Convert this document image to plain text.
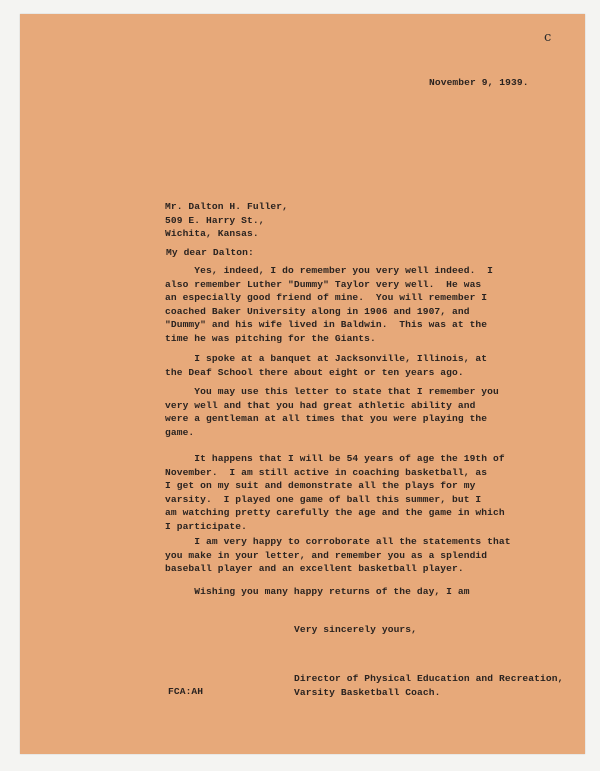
c
November 9, 1939.
Mr. Dalton H. Fuller,
509 E. Harry St.,
Wichita, Kansas.
My dear Dalton:
Yes, indeed, I do remember you very well indeed.  I
also remember Luther "Dummy" Taylor very well.  He was
an especially good friend of mine.  You will remember I
coached Baker University along in 1906 and 1907, and
"Dummy" and his wife lived in Baldwin.  This was at the
time he was pitching for the Giants.
I spoke at a banquet at Jacksonville, Illinois, at
the Deaf School there about eight or ten years ago.
You may use this letter to state that I remember you
very well and that you had great athletic ability and
were a gentleman at all times that you were playing the
game.
It happens that I will be 54 years of age the 19th of
November.  I am still active in coaching basketball, as
I get on my suit and demonstrate all the plays for my
varsity.  I played one game of ball this summer, but I
am watching pretty carefully the age and the game in which
I participate.
I am very happy to corroborate all the statements that
you make in your letter, and remember you as a splendid
baseball player and an excellent basketball player.
Wishing you many happy returns of the day, I am
Very sincerely yours,
Director of Physical Education and Recreation,
Varsity Basketball Coach.
FCA:AH
